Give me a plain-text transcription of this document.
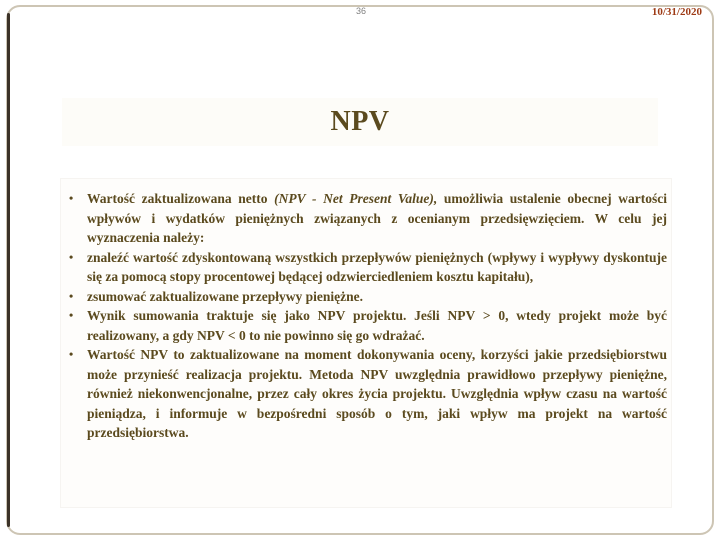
36	10/31/2020
NPV
• Wartość zaktualizowana netto (NPV - Net Present Value), umożliwia ustalenie obecnej wartości wpływów i wydatków pieniężnych związanych z ocenianym przedsięwzięciem. W celu jej wyznaczenia należy:
• znaleźć wartość zdyskontowaną wszystkich przepływów pieniężnych (wpływy i wypływy dyskontuje się za pomocą stopy procentowej będącej odzwierciedleniem kosztu kapitału),
• zsumować zaktualizowane przepływy pieniężne.
• Wynik sumowania traktuje się jako NPV projektu. Jeśli NPV > 0, wtedy projekt może być realizowany, a gdy NPV < 0 to nie powinno się go wdrażać.
• Wartość NPV to zaktualizowane na moment dokonywania oceny, korzyści jakie przedsiębiorstwu może przynieść realizacja projektu. Metoda NPV uwzględnia prawidłowo przepływy pieniężne, również niekonwencjonalne, przez cały okres życia projektu. Uwzględnia wpływ czasu na wartość pieniądza, i informuje w bezpośredni sposób o tym, jaki wpływ ma projekt na wartość przedsiębiorstwa.
